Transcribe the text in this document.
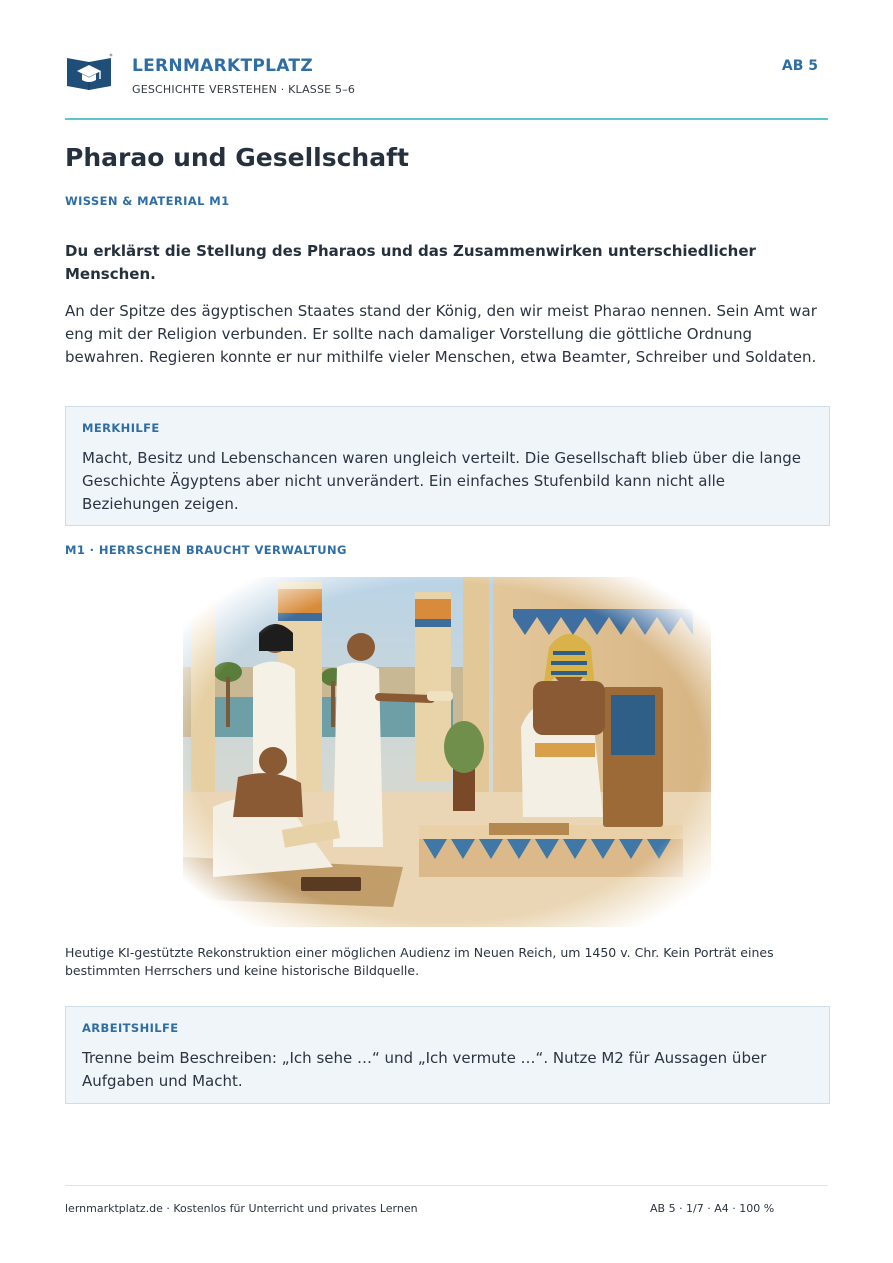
LERNMARKTPLATZ
GESCHICHTE VERSTEHEN · KLASSE 5–6
AB 5
Pharao und Gesellschaft
WISSEN & MATERIAL M1

Du erklärst die Stellung des Pharaos und das Zusammenwirken unterschiedlicher Menschen.

An der Spitze des ägyptischen Staates stand der König, den wir meist Pharao nennen. Sein Amt war eng mit der Religion verbunden. Er sollte nach damaliger Vorstellung die göttliche Ordnung bewahren. Regieren konnte er nur mithilfe vieler Menschen, etwa Beamter, Schreiber und Soldaten.

MERKHILFE

Macht, Besitz und Lebenschancen waren ungleich verteilt. Die Gesellschaft blieb über die lange Geschichte Ägyptens aber nicht unverändert. Ein einfaches Stufenbild kann nicht alle Beziehungen zeigen.

M1 · HERRSCHEN BRAUCHT VERWALTUNG

Heutige KI-gestützte Rekonstruktion einer möglichen Audienz im Neuen Reich, um 1450 v. Chr. Kein Porträt eines bestimmten Herrschers und keine historische Bildquelle.

ARBEITSHILFE

Trenne beim Beschreiben: „Ich sehe …“ und „Ich vermute …“. Nutze M2 für Aussagen über Aufgaben und Macht.

lernmarktplatz.de · Kostenlos für Unterricht und privates Lernen	AB 5 · 1/7 · A4 · 100 %
